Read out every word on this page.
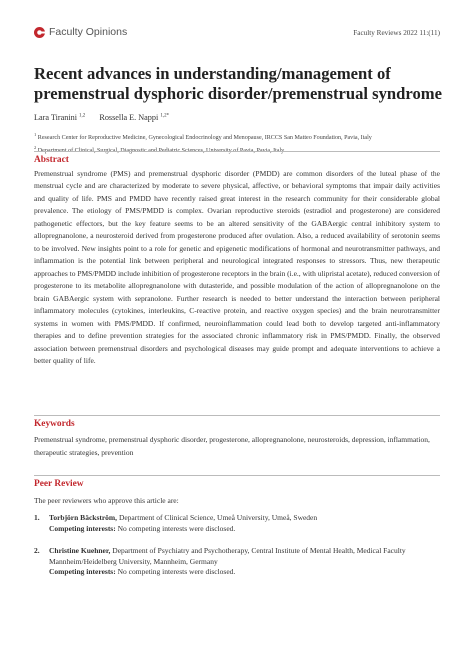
Faculty Opinions	Faculty Reviews 2022 11:(11)
Recent advances in understanding/management of premenstrual dysphoric disorder/premenstrual syndrome
Lara Tiranini $^{1,2}$ Rossella E. Nappi $^{1,2*}$
$^1$ Research Center for Reproductive Medicine, Gynecological Endocrinology and Menopause, IRCCS San Matteo Foundation, Pavia, Italy
$^2$ Department of Clinical, Surgical, Diagnostic and Pediatric Sciences, University of Pavia, Pavia, Italy
Abstract

Premenstrual syndrome (PMS) and premenstrual dysphoric disorder (PMDD) are common disorders of the luteal phase of the menstrual cycle and are characterized by moderate to severe physical, affective, or behavioral symptoms that impair daily activities and quality of life. PMS and PMDD have recently raised great interest in the research community for their considerable global prevalence. The etiology of PMS/PMDD is complex. Ovarian reproductive steroids (estradiol and progesterone) are considered pathogenetic effectors, but the key feature seems to be an altered sensitivity of the GABAergic central inhibitory system to allopregnanolone, a neurosteroid derived from progesterone produced after ovulation. Also, a reduced availability of serotonin seems to be involved. New insights point to a role for genetic and epigenetic modifications of hormonal and neurotransmitter pathways, and inflammation is the potential link between peripheral and neurological integrated responses to stressors. Thus, new therapeutic approaches to PMS/PMDD include inhibition of progesterone receptors in the brain (i.e., with ulipristal acetate), reduced conversion of progesterone to its metabolite allopregnanolone with dutasteride, and possible modulation of the action of allopregnanolone on the brain GABAergic system with sepranolone. Further research is needed to better understand the interaction between peripheral inflammatory molecules (cytokines, interleukins, C-reactive protein, and reactive oxygen species) and the brain neurotransmitter systems in women with PMS/PMDD. If confirmed, neuroinflammation could lead both to develop targeted anti-inflammatory therapies and to define prevention strategies for the associated chronic inflammatory risk in PMS/PMDD. Finally, the observed association between premenstrual disorders and psychological diseases may guide prompt and adequate interventions to achieve a better quality of life.

Keywords

Premenstrual syndrome, premenstrual dysphoric disorder, progesterone, allopregnanolone, neurosteroids, depression, inflammation, therapeutic strategies, prevention

Peer Review
The peer reviewers who approve this article are:
1. Torbjörn Bäckström, Department of Clinical Science, Umeå University, Umeå, Sweden
Competing interests: No competing interests were disclosed.
2. Christine Kuehner, Department of Psychiatry and Psychotherapy, Central Institute of Mental Health, Medical Faculty Mannheim/Heidelberg University, Mannheim, Germany
Competing interests: No competing interests were disclosed.
